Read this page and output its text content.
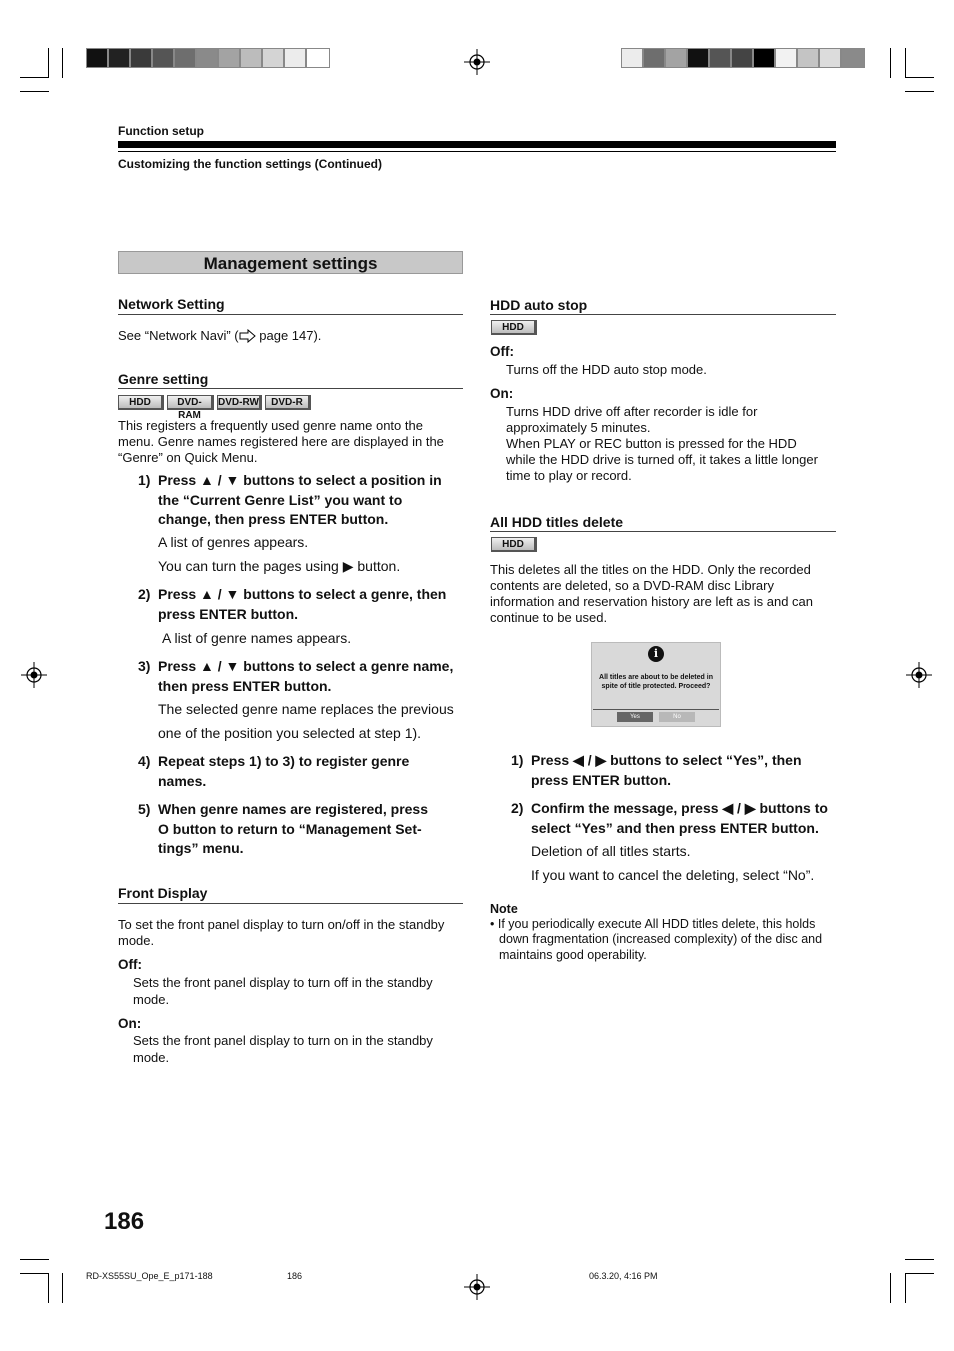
Function setup
Customizing the function settings (Continued)
Management settings
Network Setting
See “Network Navi” ( page 147).
Genre setting
HDD	DVD-RAM
DVD-RW	DVD-R
This registers a frequently used genre name onto the
menu. Genre names registered here are displayed in the
“Genre” on Quick Menu.
1) Press ▲ / ▼ buttons to select a position in
the “Current Genre List” you want to
change, then press ENTER button.
A list of genres appears.
You can turn the pages using ▶ button.
2) Press ▲ / ▼ buttons to select a genre, then
press ENTER button.
A list of genre names appears.
3) Press ▲ / ▼ buttons to select a genre name,
then press ENTER button.
The selected genre name replaces the previous
one of the position you selected at step 1).
4) Repeat steps 1) to 3) to register genre
names.
5) When genre names are registered, press
O button to return to “Management Set-
tings” menu.
Front Display
To set the front panel display to turn on/off in the standby
mode.
Off:
Sets the front panel display to turn off in the standby
mode.
On:
Sets the front panel display to turn on in the standby
mode.
HDD auto stop
HDD
Off:
Turns off the HDD auto stop mode.
On:
Turns HDD drive off after recorder is idle for
approximately 5 minutes.
When PLAY or REC button is pressed for the HDD
while the HDD drive is turned off, it takes a little longer
time to play or record.
All HDD titles delete
HDD
This deletes all the titles on the HDD. Only the recorded
contents are deleted, so a DVD-RAM disc Library
information and reservation history are left as is and can
continue to be used.
i
All titles are about to be deleted in
spite of title protected. Proceed?
Yes	No
1) Press ◀ / ▶ buttons to select “Yes”, then
press ENTER button.
2) Confirm the message, press ◀ / ▶ buttons to
select “Yes” and then press ENTER button.
Deletion of all titles starts.
If you want to cancel the deleting, select “No”.
Note
• If you periodically execute All HDD titles delete, this holds
down fragmentation (increased complexity) of the disc and
maintains good operability.
186
RD-XS55SU_Ope_E_p171-188	186	06.3.20, 4:16 PM
